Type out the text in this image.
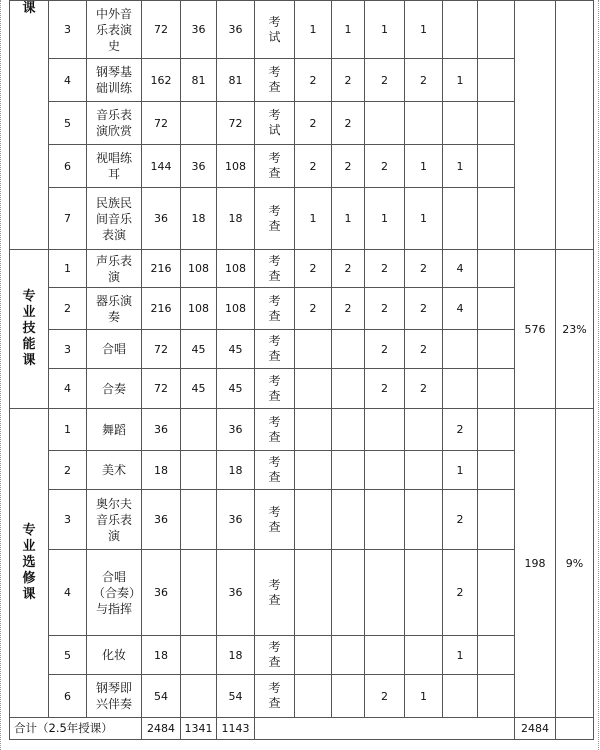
课	3	中外音乐表演史	72	36	36	考试	1	1	1	1				
	4	钢琴基础训练	162	81	81	考查	2	2	2	2	1			
	5	音乐表演欣赏	72		72	考试	2	2						
	6	视唱练耳	144	36	108	考查	2	2	2	1	1			
	7	民族民间音乐表演	36	18	18	考查	1	1	1	1				
专业技能课	1	声乐表演	216	108	108	考查	2	2	2	2	4		576	23%
	2	器乐演奏	216	108	108	考查	2	2	2	2	4			
	3	合唱	72	45	45	考查			2	2				
	4	合奏	72	45	45	考查			2	2				
专业选修课	1	舞蹈	36		36	考查					2		198	9%
	2	美术	18		18	考查					1			
	3	奥尔夫音乐表演	36		36	考查					2			
	4	合唱（合奏）与指挥	36		36	考查					2			
	5	化妆	18		18	考查					1			
	6	钢琴即兴伴奏	54		54	考查			2	1				
合计（2.5年授课）			2484	1341	1143								2484	
